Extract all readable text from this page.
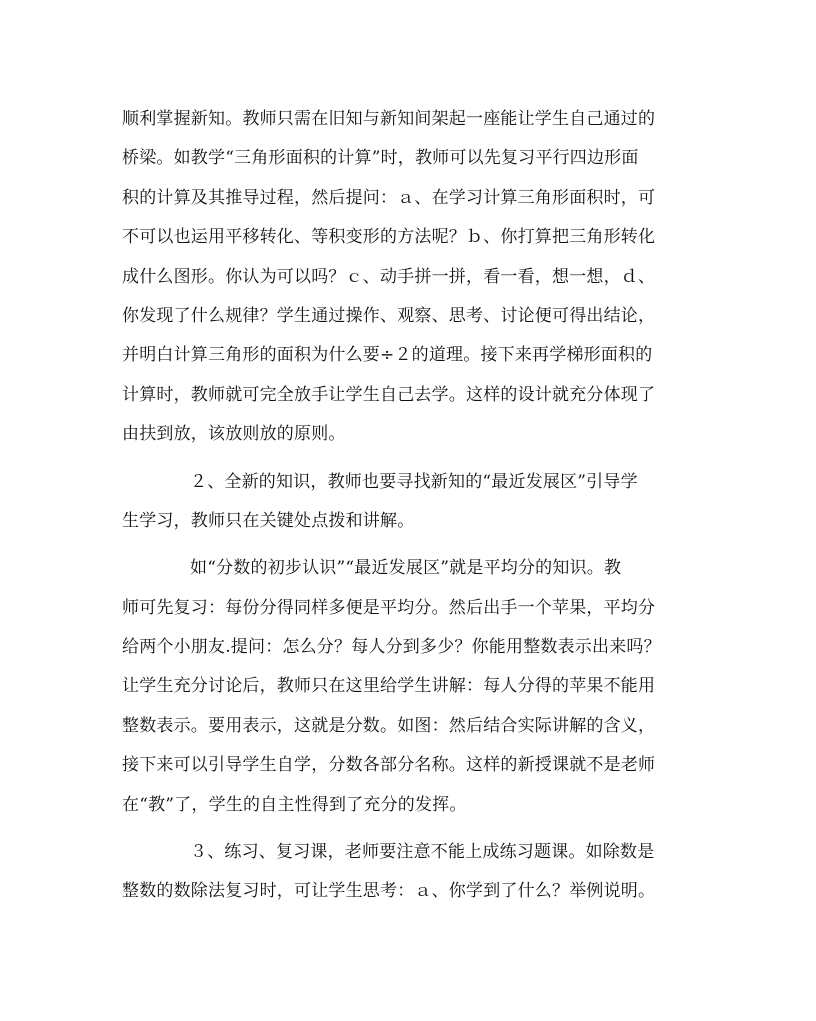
顺利掌握新知。教师只需在旧知与新知间架起一座能让学生自己通过的
桥梁。如教学“三角形面积的计算”时，教师可以先复习平行四边形面
积的计算及其推导过程，然后提问：ａ、在学习计算三角形面积时，可
不可以也运用平移转化、等积变形的方法呢？ｂ、你打算把三角形转化
成什么图形。你认为可以吗？ｃ、动手拼一拼，看一看，想一想，ｄ、
你发现了什么规律？学生通过操作、观察、思考、讨论便可得出结论，
并明白计算三角形的面积为什么要÷２的道理。接下来再学梯形面积的
计算时，教师就可完全放手让学生自己去学。这样的设计就充分体现了
由扶到放，该放则放的原则。
２、全新的知识，教师也要寻找新知的“最近发展区”引导学
生学习，教师只在关键处点拨和讲解。
如“分数的初步认识”“最近发展区”就是平均分的知识。教
师可先复习：每份分得同样多便是平均分。然后出手一个苹果，平均分
给两个小朋友.提问：怎么分？每人分到多少？你能用整数表示出来吗？
让学生充分讨论后，教师只在这里给学生讲解：每人分得的苹果不能用
整数表示。要用表示，这就是分数。如图：然后结合实际讲解的含义，
接下来可以引导学生自学，分数各部分名称。这样的新授课就不是老师
在“教”了，学生的自主性得到了充分的发挥。
３、练习、复习课，老师要注意不能上成练习题课。如除数是
整数的数除法复习时，可让学生思考：ａ、你学到了什么？举例说明。
